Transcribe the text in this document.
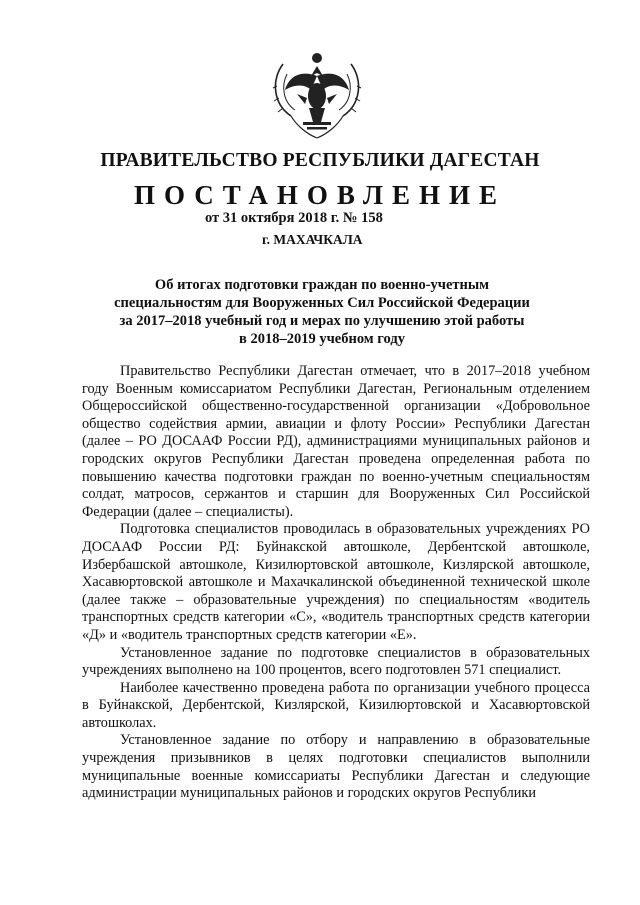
ПРАВИТЕЛЬСТВО РЕСПУБЛИКИ ДАГЕСТАН
ПОСТАНОВЛЕНИЕ
от 31 октября 2018 г. № 158
г. МАХАЧКАЛА
Об итогах подготовки граждан по военно-учетным
специальностям для Вооруженных Сил Российской Федерации
за 2017–2018 учебный год и мерах по улучшению этой работы
в 2018–2019 учебном году

Правительство Республики Дагестан отмечает, что в 2017–2018 учебном году Военным комиссариатом Республики Дагестан, Региональным отделением Общероссийской общественно-государственной организации «Добровольное общество содействия армии, авиации и флоту России» Республики Дагестан (далее – РО ДОСААФ России РД), администрациями муниципальных районов и городских округов Республики Дагестан проведена определенная работа по повышению качества подготовки граждан по военно-учетным специальностям солдат, матросов, сержантов и старшин для Вооруженных Сил Российской Федерации (далее – специалисты).

Подготовка специалистов проводилась в образовательных учреждениях РО ДОСААФ России РД: Буйнакской автошколе, Дербентской автошколе, Избербашской автошколе, Кизилюртовской автошколе, Кизлярской автошколе, Хасавюртовской автошколе и Махачкалинской объединенной технической школе (далее также – образовательные учреждения) по специальностям «водитель транспортных средств категории «С», «водитель транспортных средств категории «Д» и «водитель транспортных средств категории «Е».

Установленное задание по подготовке специалистов в образовательных учреждениях выполнено на 100 процентов, всего подготовлен 571 специалист.

Наиболее качественно проведена работа по организации учебного процесса в Буйнакской, Дербентской, Кизлярской, Кизилюртовской и Хасавюртовской автошколах.

Установленное задание по отбору и направлению в образовательные учреждения призывников в целях подготовки специалистов выполнили муниципальные военные комиссариаты Республики Дагестан и следующие администрации муниципальных районов и городских округов Республики
